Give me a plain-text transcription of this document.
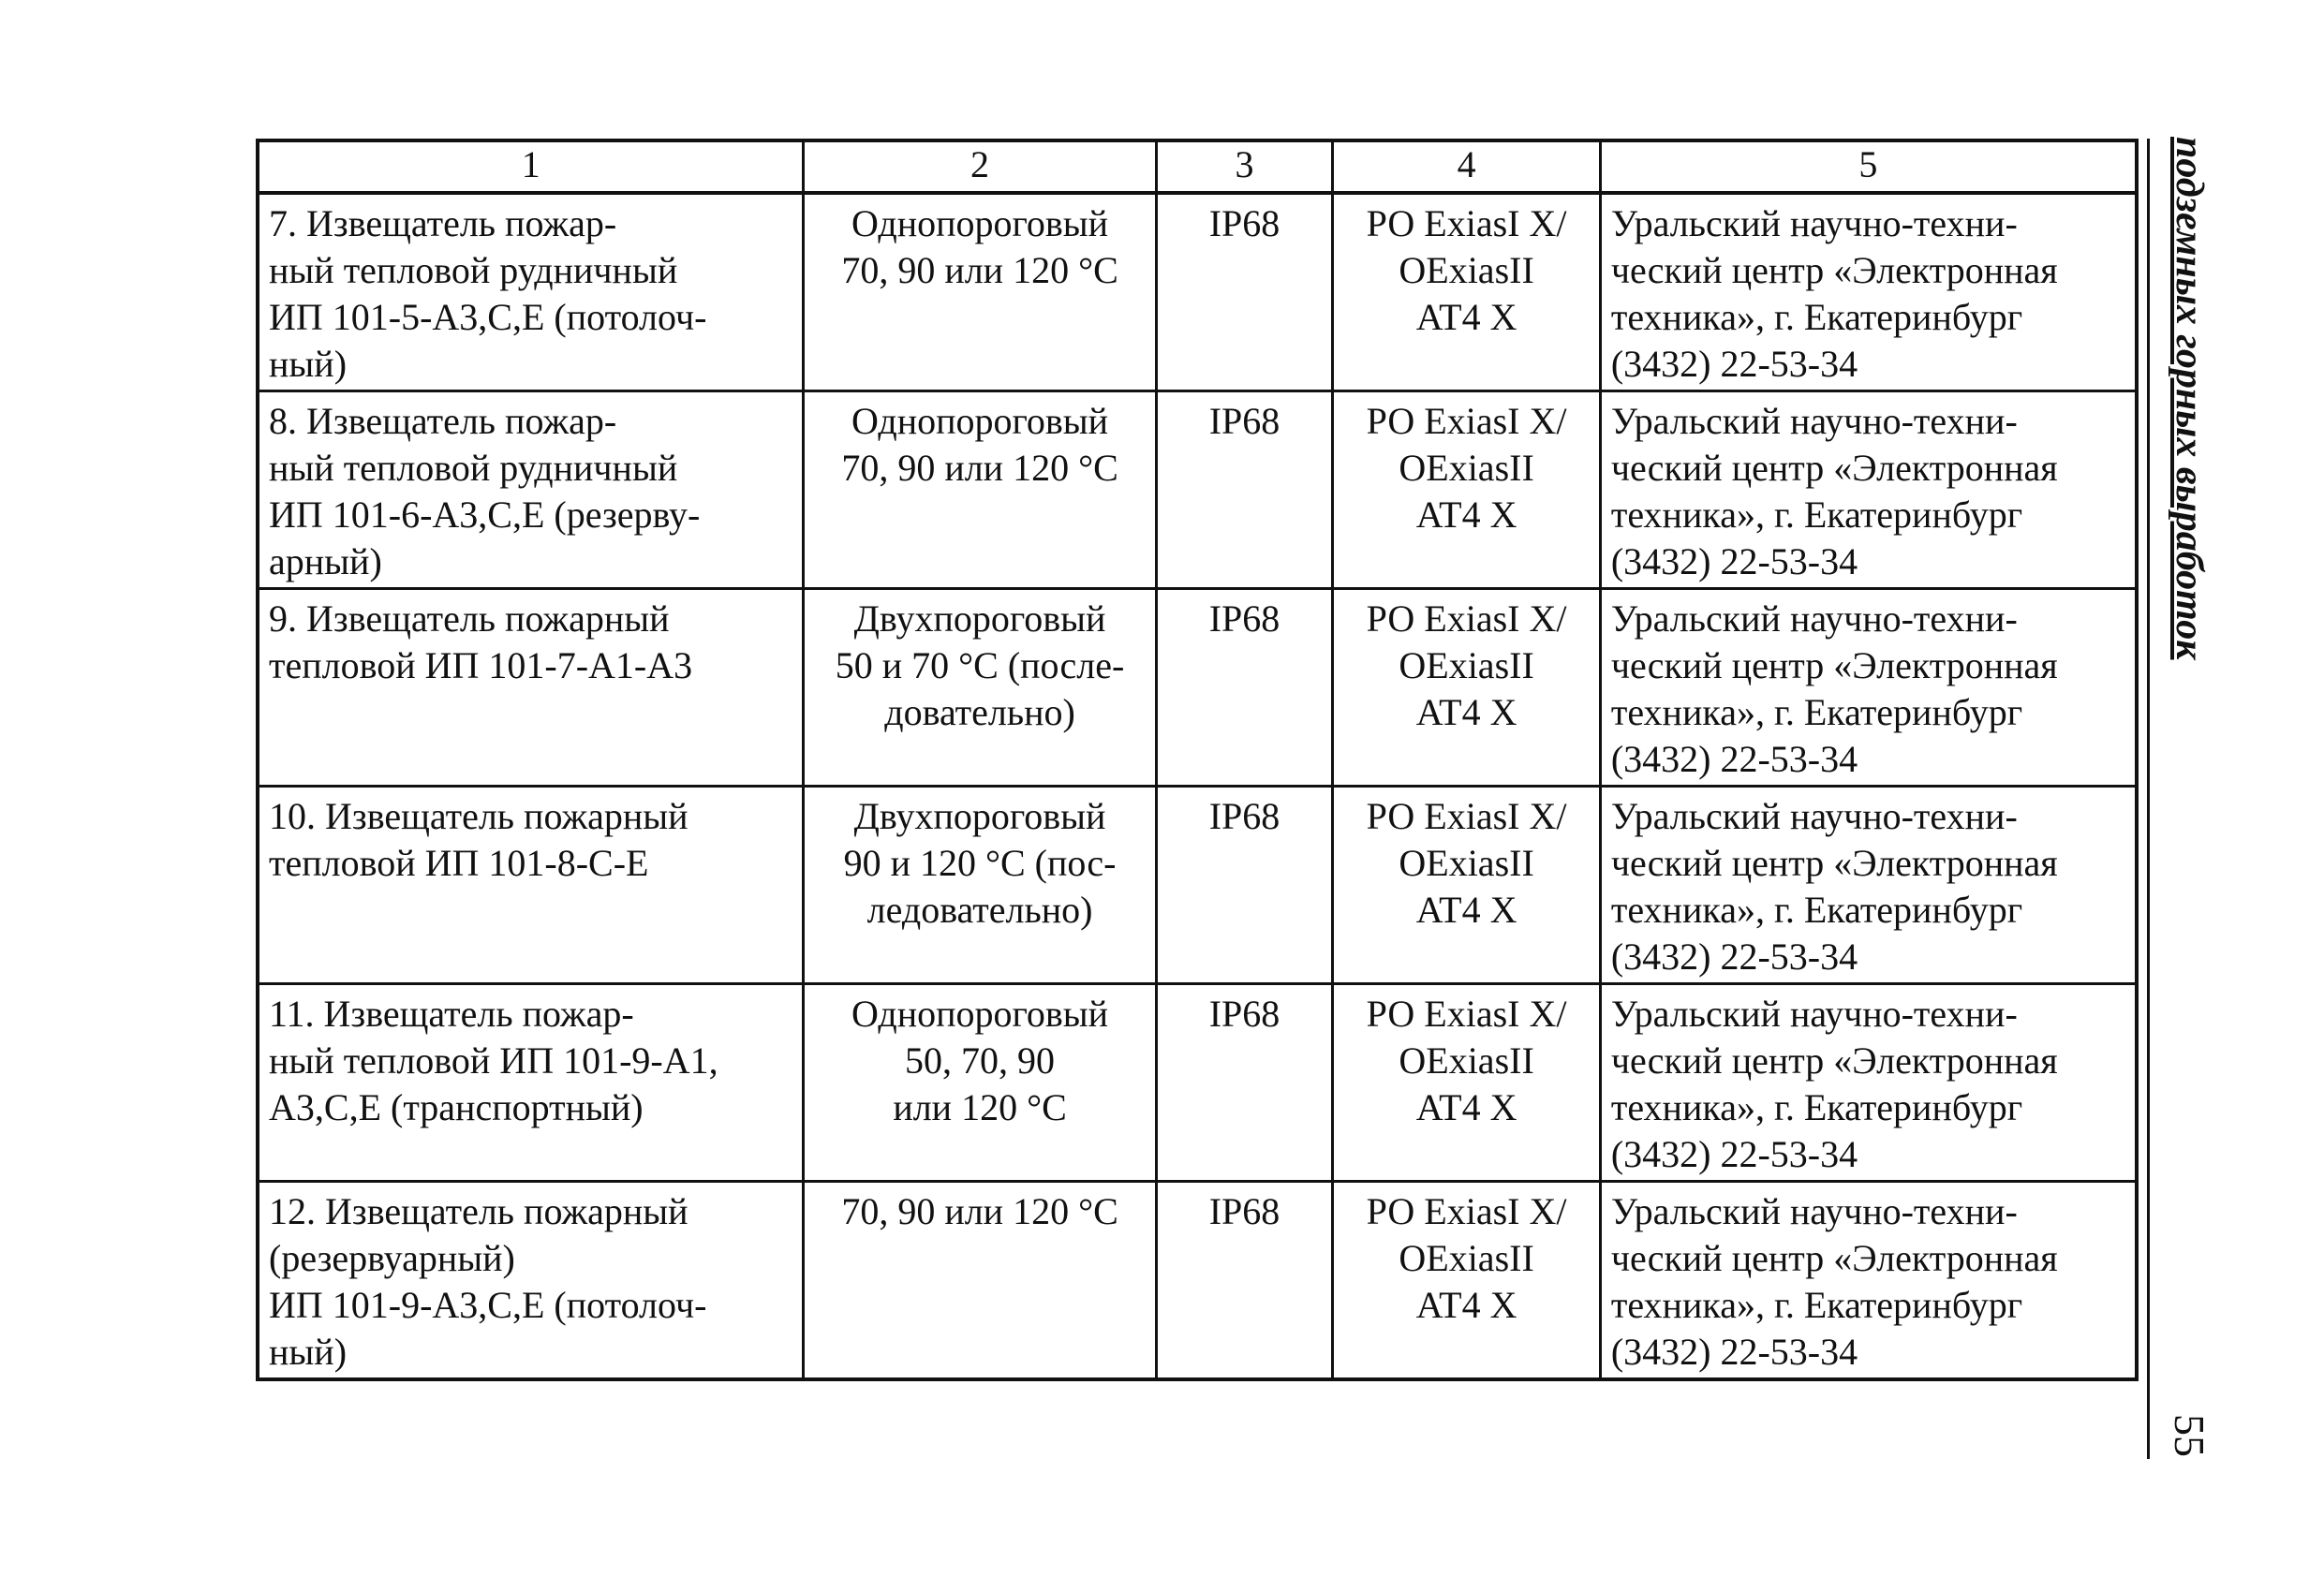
1	2	3	4	5

7. Извещатель пожар-
ный тепловой рудничный
ИП 101-5-А3,С,Е (потолоч-
ный)	Однопороговый
70, 90 или 120 °С	IP68	РО ExiasI X/
OExiasII
AT4 X	Уральский научно-техни-
ческий центр «Электронная
техника», г. Екатеринбург
(3432) 22-53-34

8. Извещатель пожар-
ный тепловой рудничный
ИП 101-6-А3,С,Е (резерву-
арный)	Однопороговый
70, 90 или 120 °С	IP68	РО ExiasI X/
OExiasII
AT4 X	Уральский научно-техни-
ческий центр «Электронная
техника», г. Екатеринбург
(3432) 22-53-34

9. Извещатель пожарный
тепловой ИП 101-7-А1-А3	Двухпороговый
50 и 70 °С (после-
довательно)	IP68	РО ExiasI X/
OExiasII
AT4 X	Уральский научно-техни-
ческий центр «Электронная
техника», г. Екатеринбург
(3432) 22-53-34

10. Извещатель пожарный
тепловой ИП 101-8-С-Е	Двухпороговый
90 и 120 °С (пос-
ледовательно)	IP68	РО ExiasI X/
OExiasII
AT4 X	Уральский научно-техни-
ческий центр «Электронная
техника», г. Екатеринбург
(3432) 22-53-34

11. Извещатель пожар-
ный тепловой ИП 101-9-А1,
А3,С,Е (транспортный)	Однопороговый
50, 70, 90
или 120 °С	IP68	РО ExiasI X/
OExiasII
AT4 X	Уральский научно-техни-
ческий центр «Электронная
техника», г. Екатеринбург
(3432) 22-53-34

12. Извещатель пожарный
(резервуарный)
ИП 101-9-А3,С,Е (потолоч-
ный)	70, 90 или 120 °С	IP68	РО ExiasI X/
OExiasII
AT4 X	Уральский научно-техни-
ческий центр «Электронная
техника», г. Екатеринбург
(3432) 22-53-34
подземных горных выработок
55
